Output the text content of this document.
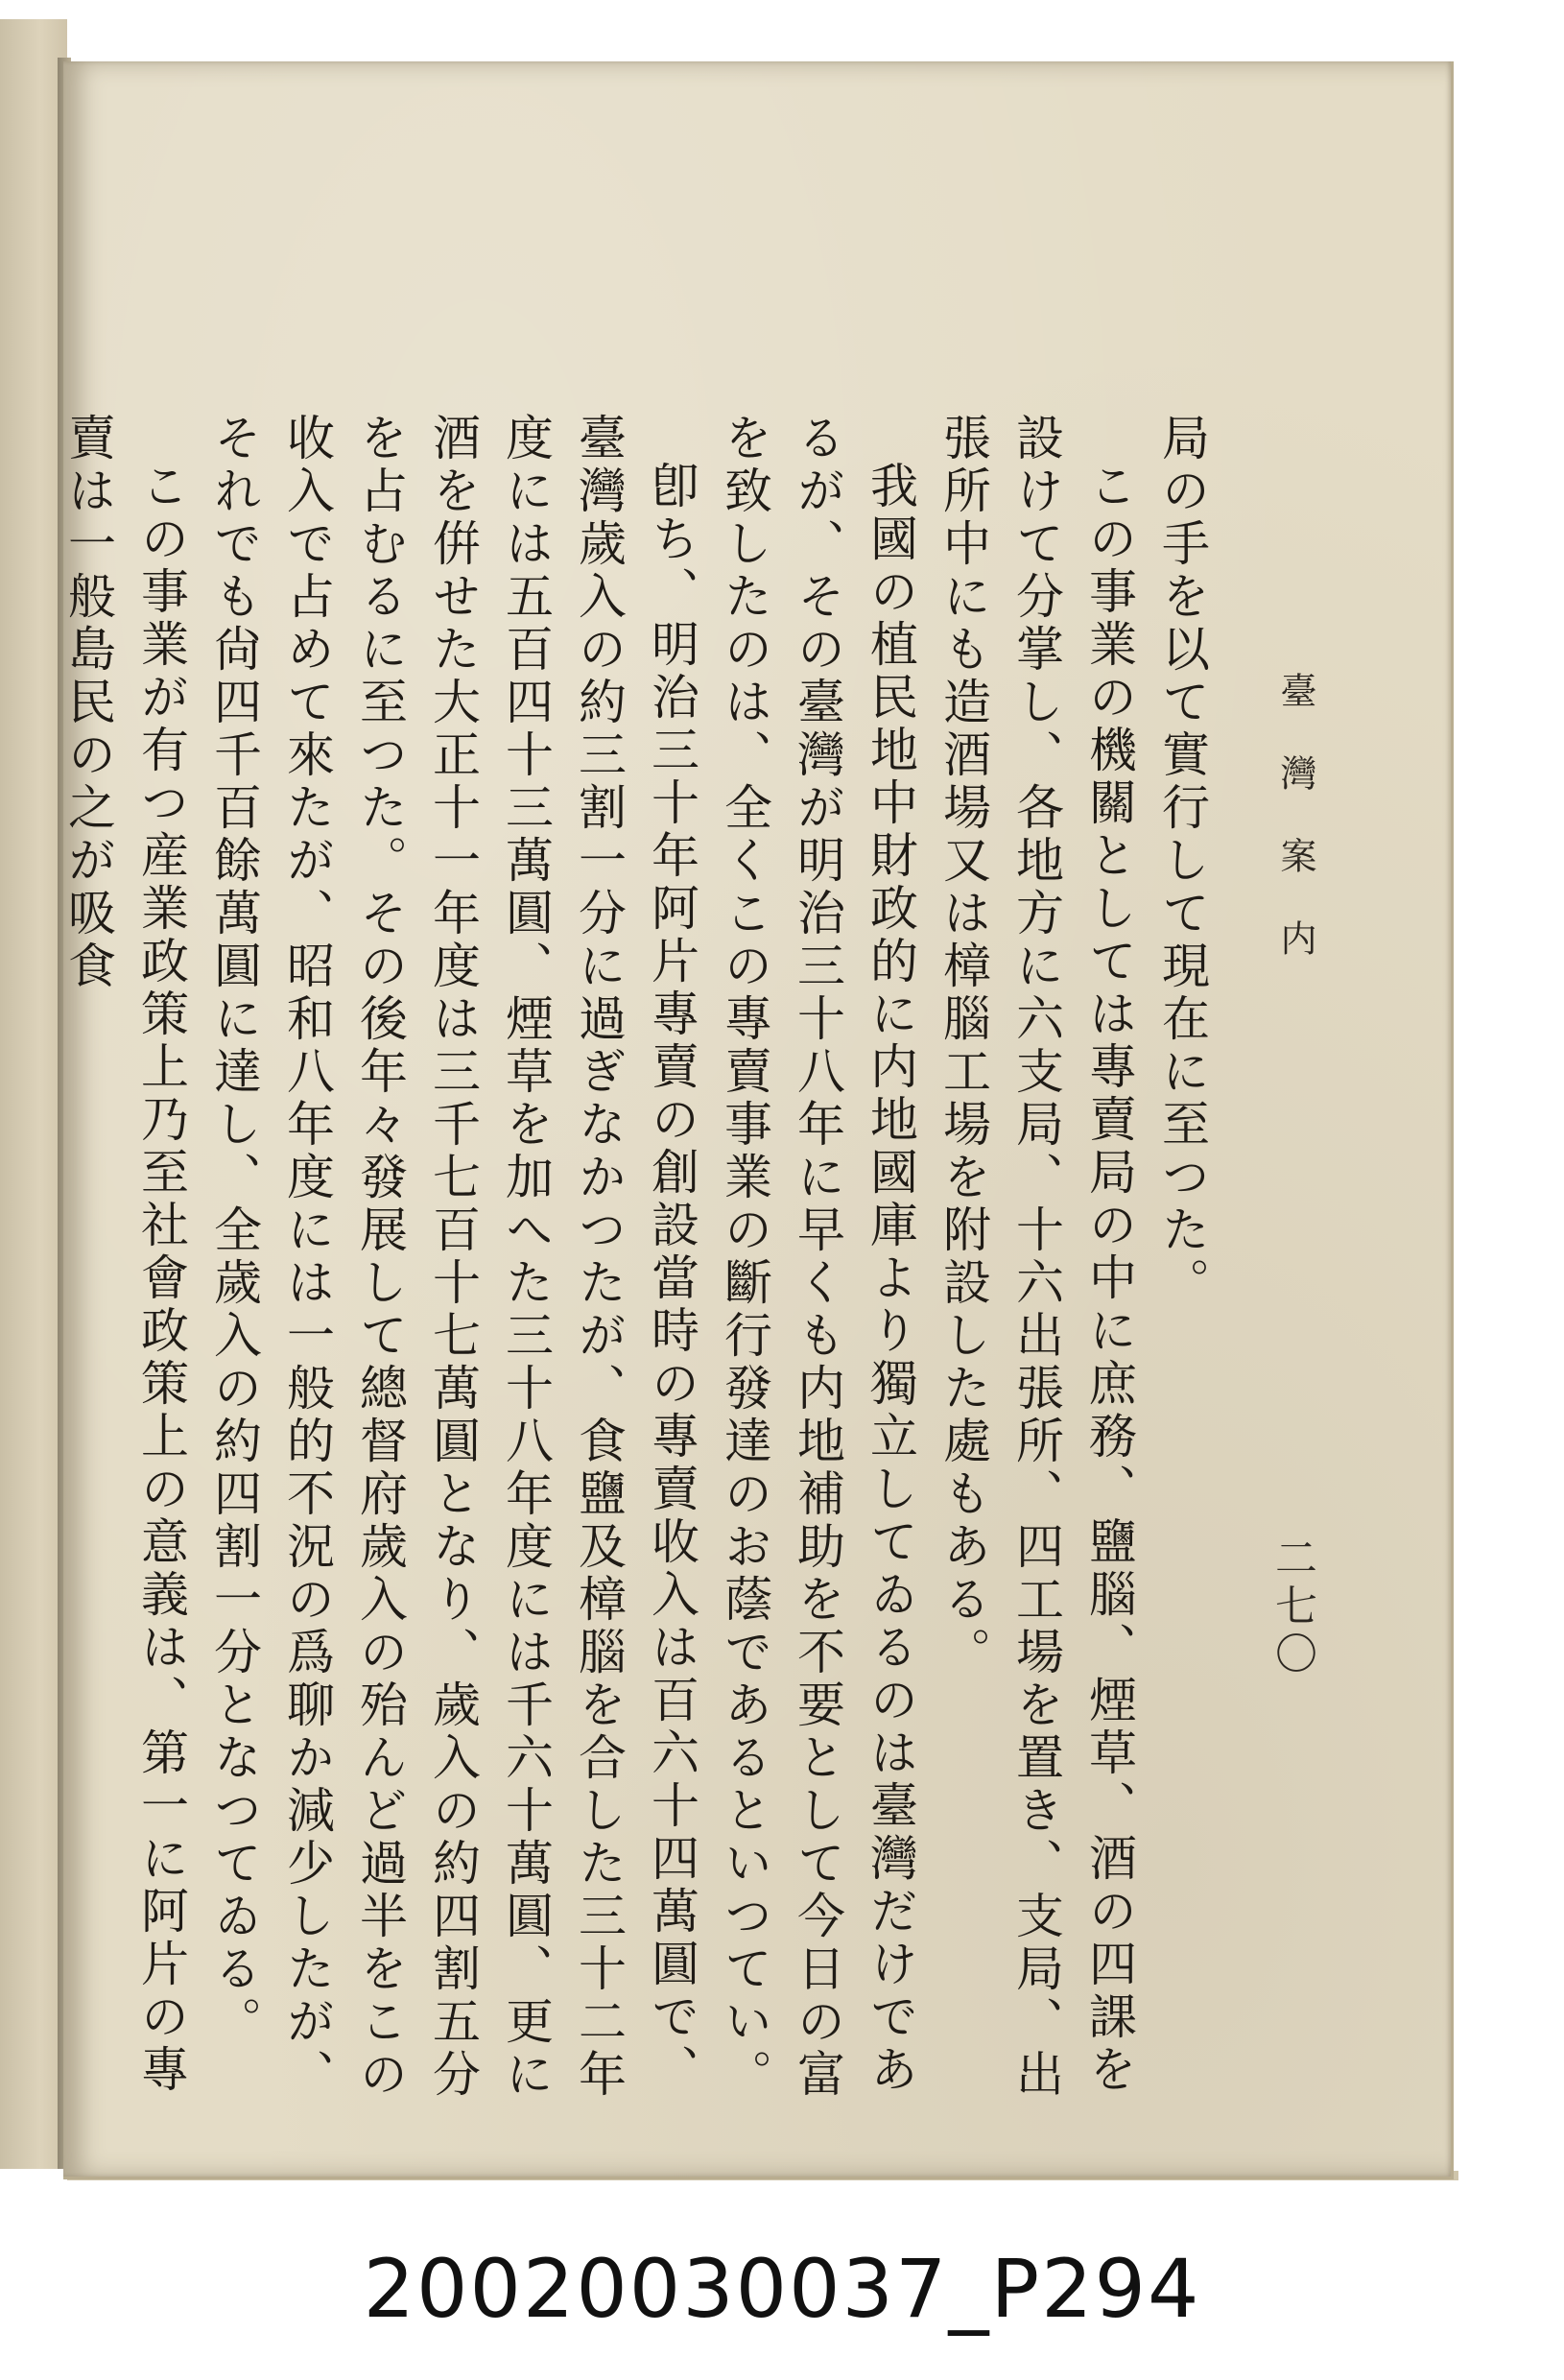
臺 灣 案 内
二七〇

局の手を以て實行して現在に至つた。

この事業の機關としては專賣局の中に庶務、鹽腦、煙草、酒の四課を設けて分掌し、各地方に六支局、十六出張所、四工場を置き、支局、出張所中にも造酒場又は樟腦工場を附設した處もある。

我國の植民地中財政的に内地國庫より獨立してゐるのは臺灣だけであるが、その臺灣が明治三十八年に早くも内地補助を不要として今日の富を致したのは、全くこの專賣事業の斷行發達のお蔭であるといつてい。

卽ち、明治三十年阿片專賣の創設當時の專賣收入は百六十四萬圓で、臺灣歲入の約三割一分に過ぎなかつたが、食鹽及樟腦を合した三十二年度には五百四十三萬圓、煙草を加へた三十八年度には千六十萬圓、更に酒を倂せた大正十一年度は三千七百十七萬圓となり、歲入の約四割五分を占むるに至つた。その後年々發展して總督府歲入の殆んど過半をこの收入で占めて來たが、昭和八年度には一般的不況の爲聊か減少したが、それでも尙四千百餘萬圓に達し、全歲入の約四割一分となつてゐる。

この事業が有つ産業政策上乃至社會政策上の意義は、第一に阿片の專賣は一般島民の之が吸食

20020030037_P294
